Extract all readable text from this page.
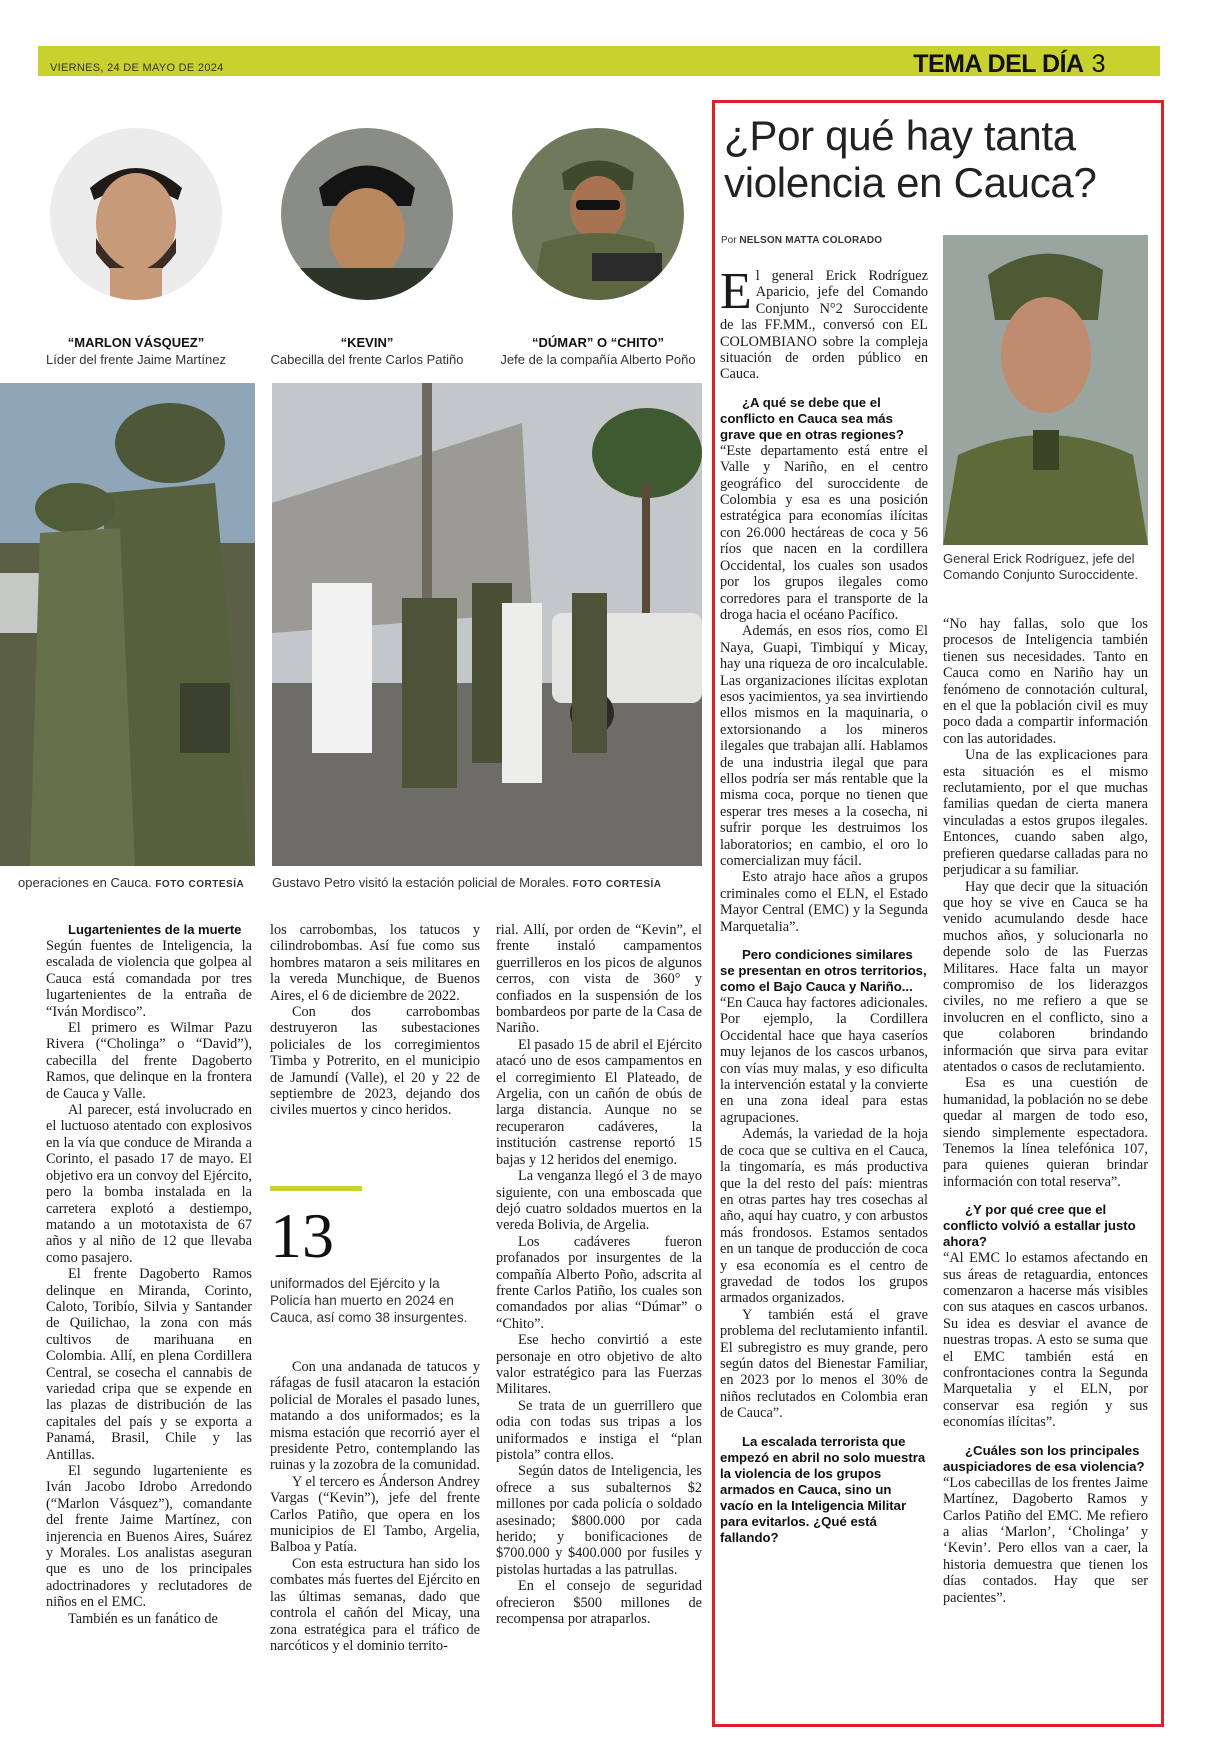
VIERNES, 24 DE MAYO DE 2024	TEMA DEL DÍA 3
“MARLON VÁSQUEZ”
Líder del frente Jaime Martínez
“KEVIN”
Cabecilla del frente Carlos Patiño
“DÚMAR” O “CHITO”
Jefe de la compañía Alberto Poño
operaciones en Cauca. FOTO CORTESÍA Gustavo Petro visitó la estación policial de Morales. FOTO CORTESÍA

Lugartenientes de la muerte

Según fuentes de Inteligencia, la escalada de violencia que golpea al Cauca está comandada por tres lugartenientes de la entraña de “Iván Mordisco”.

El primero es Wilmar Pazu Rivera (“Cholinga” o “David”), cabecilla del frente Dagoberto Ramos, que delinque en la frontera de Cauca y Valle.

Al parecer, está involucrado en el luctuoso atentado con explosivos en la vía que conduce de Miranda a Corinto, el pasado 17 de mayo. El objetivo era un convoy del Ejército, pero la bomba instalada en la carretera explotó a destiempo, matando a un mototaxista de 67 años y al niño de 12 que llevaba como pasajero.

El frente Dagoberto Ramos delinque en Miranda, Corinto, Caloto, Toribío, Silvia y Santander de Quilichao, la zona con más cultivos de marihuana en Colombia. Allí, en plena Cordillera Central, se cosecha el cannabis de variedad cripa que se expende en las plazas de distribución de las capitales del país y se exporta a Panamá, Brasil, Chile y las Antillas.

El segundo lugarteniente es Iván Jacobo Idrobo Arredondo (“Marlon Vásquez”), comandante del frente Jaime Martínez, con injerencia en Buenos Aires, Suárez y Morales. Los analistas aseguran que es uno de los principales adoctrinadores y reclutadores de niños en el EMC.

También es un fanático de

los carrobombas, los tatucos y cilindrobombas. Así fue como sus hombres mataron a seis militares en la vereda Munchique, de Buenos Aires, el 6 de diciembre de 2022.

Con dos carrobombas destruyeron las subestaciones policiales de los corregimientos Timba y Potrerito, en el municipio de Jamundí (Valle), el 20 y 22 de septiembre de 2023, dejando dos civiles muertos y cinco heridos.

13
uniformados del Ejército y la Policía han muerto en 2024 en Cauca, así como 38 insurgentes.

Con una andanada de tatucos y ráfagas de fusil atacaron la estación policial de Morales el pasado lunes, matando a dos uniformados; es la misma estación que recorrió ayer el presidente Petro, contemplando las ruinas y la zozobra de la comunidad.

Y el tercero es Ánderson Andrey Vargas (“Kevin”), jefe del frente Carlos Patiño, que opera en los municipios de El Tambo, Argelia, Balboa y Patía.

Con esta estructura han sido los combates más fuertes del Ejército en las últimas semanas, dado que controla el cañón del Micay, una zona estratégica para el tráfico de narcóticos y el dominio territo-

rial. Allí, por orden de “Kevin”, el frente instaló campamentos guerrilleros en los picos de algunos cerros, con vista de 360° y confiados en la suspensión de los bombardeos por parte de la Casa de Nariño.

El pasado 15 de abril el Ejército atacó uno de esos campamentos en el corregimiento El Plateado, de Argelia, con un cañón de obús de larga distancia. Aunque no se recuperaron cadáveres, la institución castrense reportó 15 bajas y 12 heridos del enemigo.

La venganza llegó el 3 de mayo siguiente, con una emboscada que dejó cuatro soldados muertos en la vereda Bolivia, de Argelia.

Los cadáveres fueron profanados por insurgentes de la compañía Alberto Poño, adscrita al frente Carlos Patiño, los cuales son comandados por alias “Dúmar” o “Chito”.

Ese hecho convirtió a este personaje en otro objetivo de alto valor estratégico para las Fuerzas Militares.

Se trata de un guerrillero que odia con todas sus tripas a los uniformados e instiga el “plan pistola” contra ellos.

Según datos de Inteligencia, les ofrece a sus subalternos $2 millones por cada policía o soldado asesinado; $800.000 por cada herido; y bonificaciones de $700.000 y $400.000 por fusiles y pistolas hurtadas a las patrullas.

En el consejo de seguridad ofrecieron $500 millones de recompensa por atraparlos.

¿Por qué hay tanta violencia en Cauca?
Por NELSON MATTA COLORADO
General Erick Rodríguez, jefe del Comando Conjunto Suroccidente.

El general Erick Rodríguez Aparicio, jefe del Comando Conjunto N°2 Suroccidente de las FF.MM., conversó con EL COLOMBIANO sobre la compleja situación de orden público en Cauca.

¿A qué se debe que el conflicto en Cauca sea más grave que en otras regiones?

“Este departamento está entre el Valle y Nariño, en el centro geográfico del suroccidente de Colombia y esa es una posición estratégica para economías ilícitas con 26.000 hectáreas de coca y 56 ríos que nacen en la cordillera Occidental, los cuales son usados por los grupos ilegales como corredores para el transporte de la droga hacia el océano Pacífico.

Además, en esos ríos, como El Naya, Guapi, Timbiquí y Micay, hay una riqueza de oro incalculable. Las organizaciones ilícitas explotan esos yacimientos, ya sea invirtiendo ellos mismos en la maquinaria, o extorsionando a los mineros ilegales que trabajan allí. Hablamos de una industria ilegal que para ellos podría ser más rentable que la misma coca, porque no tienen que esperar tres meses a la cosecha, ni sufrir porque les destruimos los laboratorios; en cambio, el oro lo comercializan muy fácil.

Esto atrajo hace años a grupos criminales como el ELN, el Estado Mayor Central (EMC) y la Segunda Marquetalia”.

Pero condiciones similares se presentan en otros territorios, como el Bajo Cauca y Nariño...

“En Cauca hay factores adicionales. Por ejemplo, la Cordillera Occidental hace que haya caseríos muy lejanos de los cascos urbanos, con vías muy malas, y eso dificulta la intervención estatal y la convierte en una zona ideal para estas agrupaciones.

Además, la variedad de la hoja de coca que se cultiva en el Cauca, la tingomaría, es más productiva que la del resto del país: mientras en otras partes hay tres cosechas al año, aquí hay cuatro, y con arbustos más frondosos. Estamos sentados en un tanque de producción de coca y esa economía es el centro de gravedad de todos los grupos armados organizados.

Y también está el grave problema del reclutamiento infantil. El subregistro es muy grande, pero según datos del Bienestar Familiar, en 2023 por lo menos el 30% de niños reclutados en Colombia eran de Cauca”.

La escalada terrorista que empezó en abril no solo muestra la violencia de los grupos armados en Cauca, sino un vacío en la Inteligencia Militar para evitarlos. ¿Qué está fallando?

“No hay fallas, solo que los procesos de Inteligencia también tienen sus necesidades. Tanto en Cauca como en Nariño hay un fenómeno de connotación cultural, en el que la población civil es muy poco dada a compartir información con las autoridades.

Una de las explicaciones para esta situación es el mismo reclutamiento, por el que muchas familias quedan de cierta manera vinculadas a estos grupos ilegales. Entonces, cuando saben algo, prefieren quedarse calladas para no perjudicar a su familiar.

Hay que decir que la situación que hoy se vive en Cauca se ha venido acumulando desde hace muchos años, y solucionarla no depende solo de las Fuerzas Militares. Hace falta un mayor compromiso de los liderazgos civiles, no me refiero a que se involucren en el conflicto, sino a que colaboren brindando información que sirva para evitar atentados o casos de reclutamiento.

Esa es una cuestión de humanidad, la población no se debe quedar al margen de todo eso, siendo simplemente espectadora. Tenemos la línea telefónica 107, para quienes quieran brindar información con total reserva”.

¿Y por qué cree que el conflicto volvió a estallar justo ahora?

“Al EMC lo estamos afectando en sus áreas de retaguardia, entonces comenzaron a hacerse más visibles con sus ataques en cascos urbanos. Su idea es desviar el avance de nuestras tropas. A esto se suma que el EMC también está en confrontaciones contra la Segunda Marquetalia y el ELN, por conservar esa región y sus economías ilícitas”.

¿Cuáles son los principales auspiciadores de esa violencia?

“Los cabecillas de los frentes Jaime Martínez, Dagoberto Ramos y Carlos Patiño del EMC. Me refiero a alias ‘Marlon’, ‘Cholinga’ y ‘Kevin’. Pero ellos van a caer, la historia demuestra que tienen los días contados. Hay que ser pacientes”.
